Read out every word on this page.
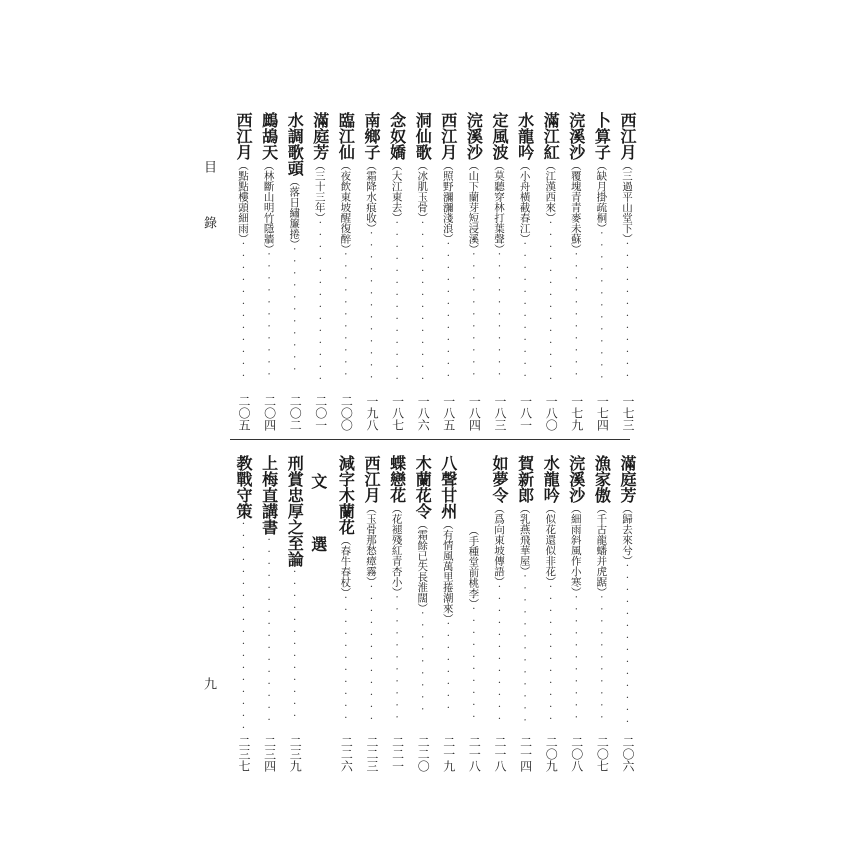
目 錄
九
西江月（三過平山堂下）············
一七三
卜算子（缺月掛疏桐）·············
一七四
浣溪沙（覆塊青青麥未蘇）···········
一七九
滿江紅（江漢西來）··············
一八〇
水龍吟（小舟橫截春江）············
一八一
定風波（莫聽穿林打葉聲）···········
一八三
浣溪沙（山下蘭芽短浸溪）···········
一八四
西江月（照野瀰瀰淺浪）············
一八五
洞仙歌（冰肌玉骨）··············
一八六
念奴嬌（大江東去）··············
一八七
南鄉子（霜降水痕收）·············
一九八
臨江仙（夜飲東坡醒復醉）···········
二〇〇
滿庭芳（三十三年）··············
二〇一
水調歌頭（落日繡簾捲）···········
二〇二
鷓鴣天（林斷山明竹隱牆）···········
二〇四
西江月（點點樓頭細雨）············
二〇五
滿庭芳（歸去來兮）··············
二〇六
漁家傲（千古龍蟠并虎踞）···········
二〇七
浣溪沙（細雨斜風作小寒）···········
二〇八
水龍吟（似花還似非花）············
二〇九
賀新郎（乳燕飛華屋）·············
二一四
如夢令（爲向東坡傳語）············
二一八
（手種堂前桃李）··········
二一八
八聲甘州（有情風萬里捲潮來）········
二一九
木蘭花令（霜餘已失長淮闊）·········
二二〇
蝶戀花（花褪殘紅青杏小）···········
二二一
西江月（玉骨那愁瘴霧）············
二二三
減字木蘭花（春牛春杖）···········
二二六
文 選
刑賞忠厚之至論·············
二三九
上梅直講書················
二三四
教戰守策··················
二三七
